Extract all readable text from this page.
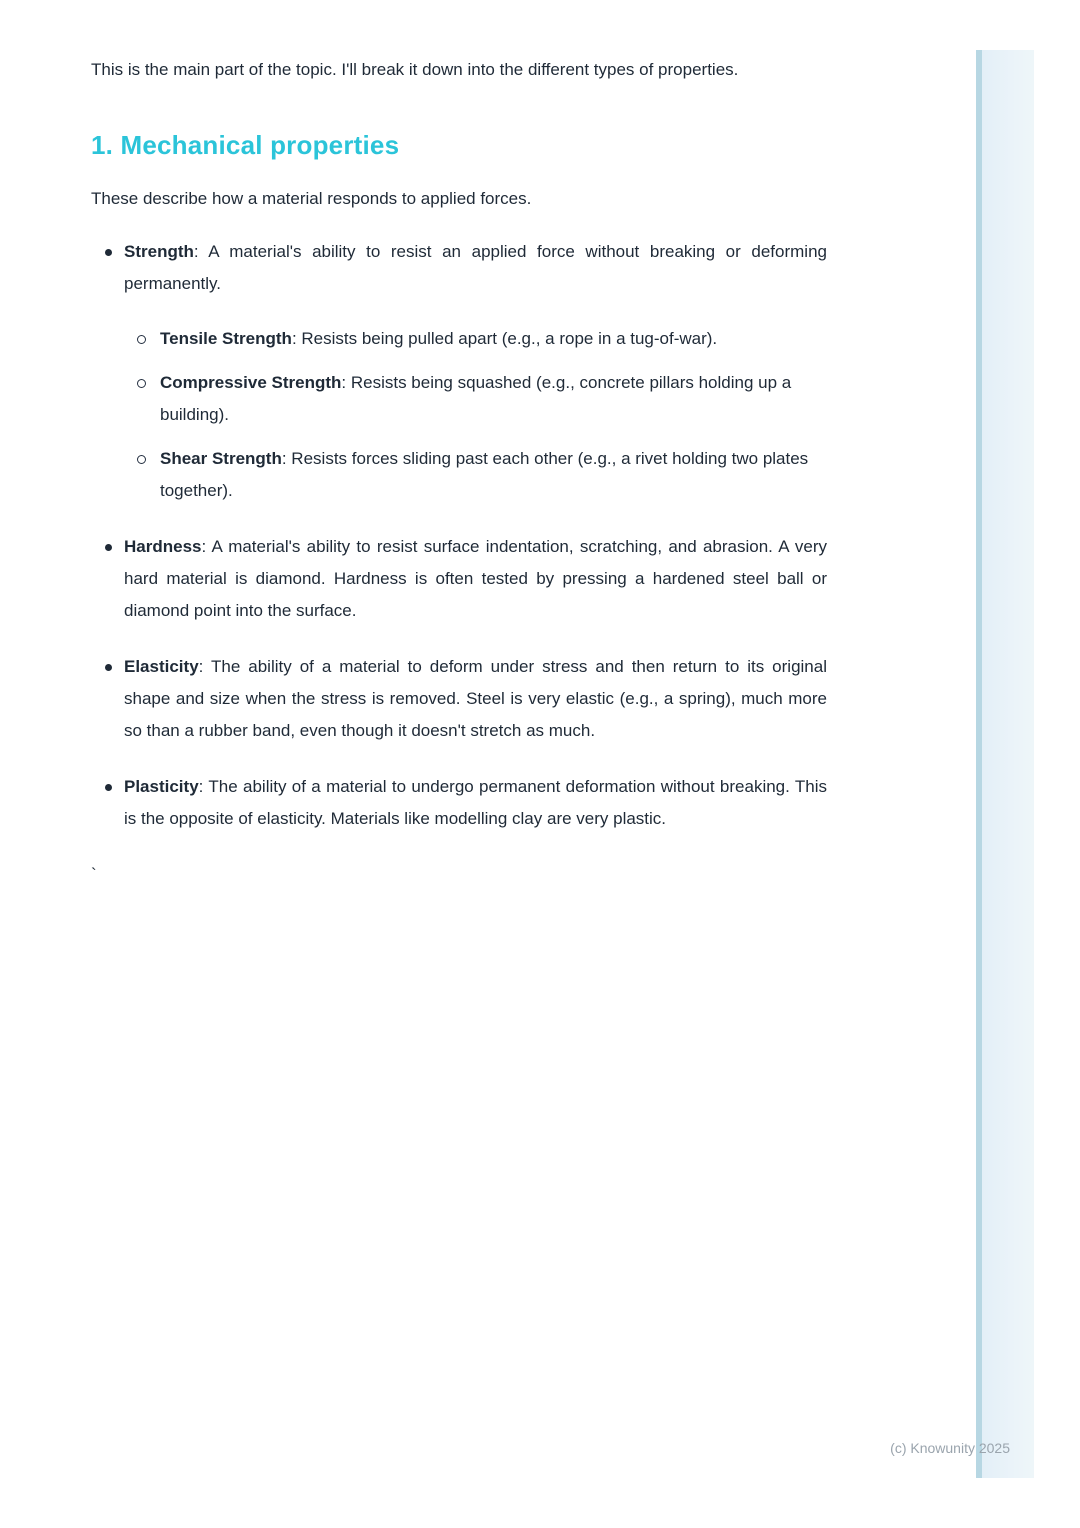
This is the main part of the topic. I'll break it down into the different types of properties.

1. Mechanical properties

These describe how a material responds to applied forces.

Strength: A material's ability to resist an applied force without breaking or deforming permanently.

Tensile Strength: Resists being pulled apart (e.g., a rope in a tug-of-war).

Compressive Strength: Resists being squashed (e.g., concrete pillars holding up a building).

Shear Strength: Resists forces sliding past each other (e.g., a rivet holding two plates together).

Hardness: A material's ability to resist surface indentation, scratching, and abrasion. A very hard material is diamond. Hardness is often tested by pressing a hardened steel ball or diamond point into the surface.

Elasticity: The ability of a material to deform under stress and then return to its original shape and size when the stress is removed. Steel is very elastic (e.g., a spring), much more so than a rubber band, even though it doesn't stretch as much.

Plasticity: The ability of a material to undergo permanent deformation without breaking. This is the opposite of elasticity. Materials like modelling clay are very plastic.

`

(c) Knowunity 2025
